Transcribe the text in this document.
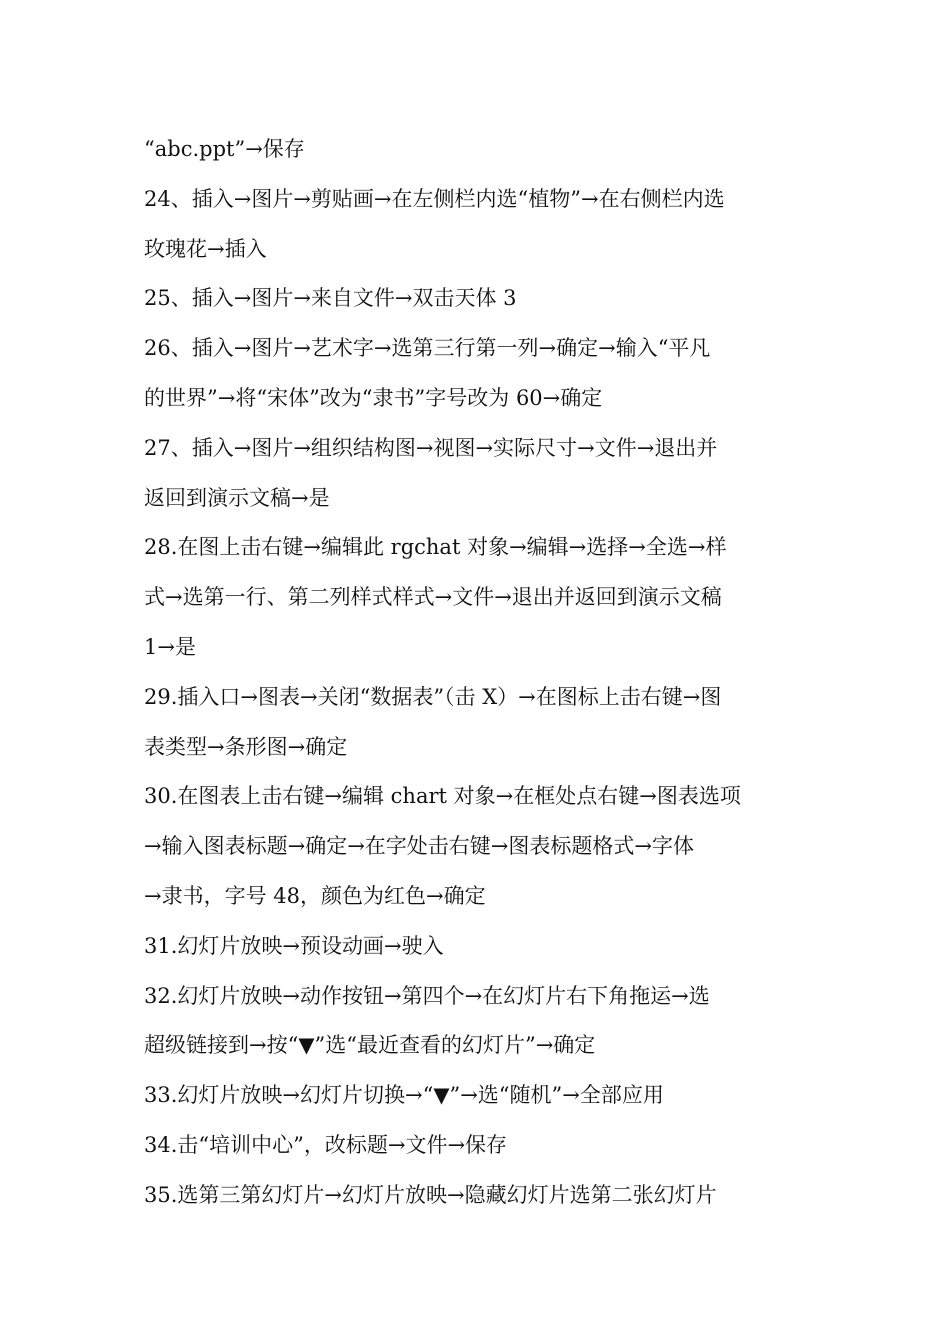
“abc.ppt”→保存
24、插入→图片→剪贴画→在左侧栏内选“植物”→在右侧栏内选
玫瑰花→插入
25、插入→图片→来自文件→双击天体 3
26、插入→图片→艺术字→选第三行第一列→确定→输入“平凡
的世界”→将“宋体”改为“隶书”字号改为 60→确定
27、插入→图片→组织结构图→视图→实际尺寸→文件→退出并
返回到演示文稿→是
28.在图上击右键→编辑此 rgchat 对象→编辑→选择→全选→样
式→选第一行、第二列样式样式→文件→退出并返回到演示文稿
1→是
29.插入口→图表→关闭“数据表”（击 X）→在图标上击右键→图
表类型→条形图→确定
30.在图表上击右键→编辑 chart 对象→在框处点右键→图表选项
→输入图表标题→确定→在字处击右键→图表标题格式→字体
→隶书，字号 48，颜色为红色→确定
31.幻灯片放映→预设动画→驶入
32.幻灯片放映→动作按钮→第四个→在幻灯片右下角拖运→选
超级链接到→按“▼”选“最近查看的幻灯片”→确定
33.幻灯片放映→幻灯片切换→“▼”→选“随机”→全部应用
34.击“培训中心”，改标题→文件→保存
35.选第三第幻灯片→幻灯片放映→隐藏幻灯片选第二张幻灯片
